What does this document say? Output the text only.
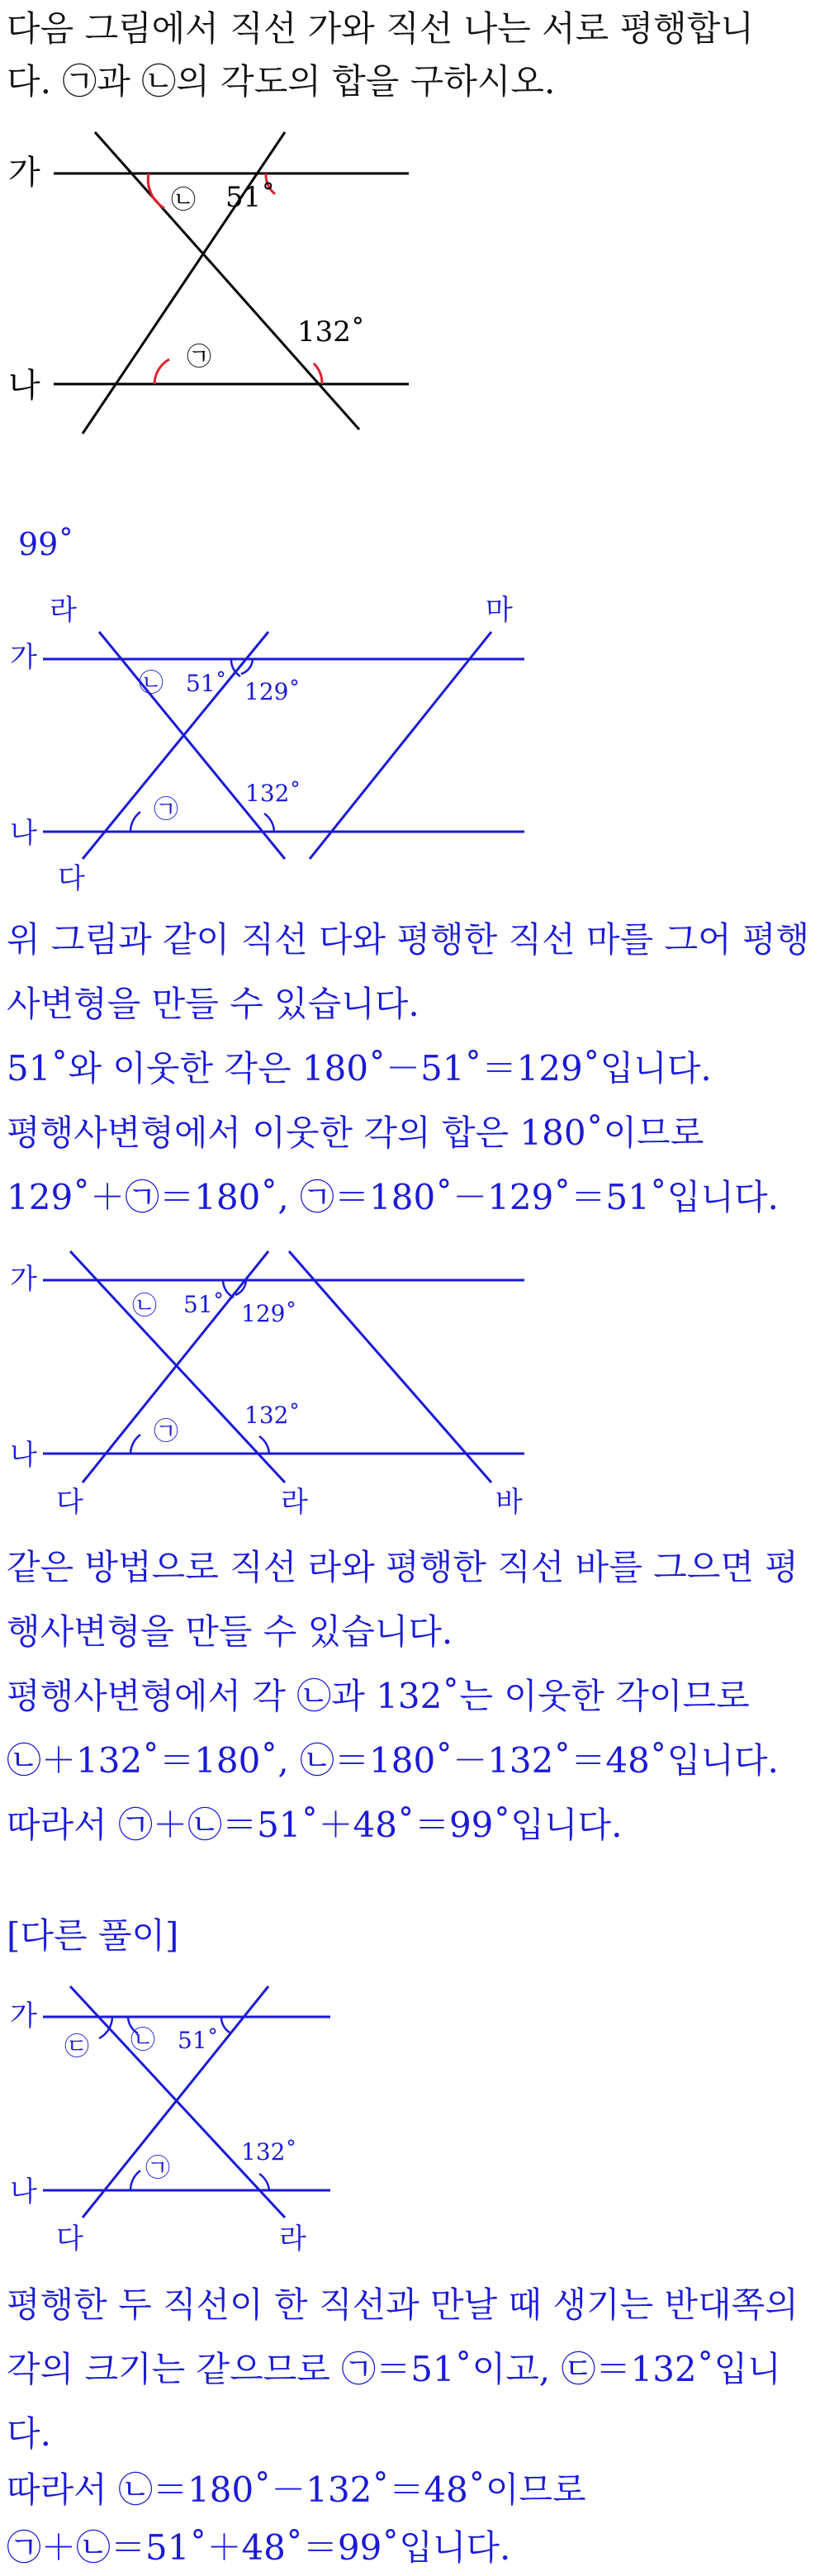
다음 그림에서 직선 가와 직선 나는 서로 평행합니

다. ㉠과 ㉡의 각도의 합을 구하시오.

가
나
㉡ 51˚
㉠
132˚

99˚

라	마
가
나
다
㉡ 51˚ 129˚
㉠
132˚

위 그림과 같이 직선 다와 평행한 직선 마를 그어 평행

사변형을 만들 수 있습니다.

51˚와 이웃한 각은 180˚－51˚＝129˚입니다.

평행사변형에서 이웃한 각의 합은 180˚이므로

129˚＋㉠＝180˚, ㉠＝180˚－129˚＝51˚입니다.

가
나
다	라	바
㉡ 51˚ 129˚
㉠
132˚

같은 방법으로 직선 라와 평행한 직선 바를 그으면 평

행사변형을 만들 수 있습니다.

평행사변형에서 각 ㉡과 132˚는 이웃한 각이므로

㉡＋132˚＝180˚, ㉡＝180˚－132˚＝48˚입니다.

따라서 ㉠＋㉡＝51˚＋48˚＝99˚입니다.

[다른 풀이]

가
나
다	라
㉢ ㉡ 51˚
㉠
132˚

평행한 두 직선이 한 직선과 만날 때 생기는 반대쪽의

각의 크기는 같으므로 ㉠＝51˚이고, ㉢＝132˚입니

다.

따라서 ㉡＝180˚－132˚＝48˚이므로

㉠＋㉡＝51˚＋48˚＝99˚입니다.
